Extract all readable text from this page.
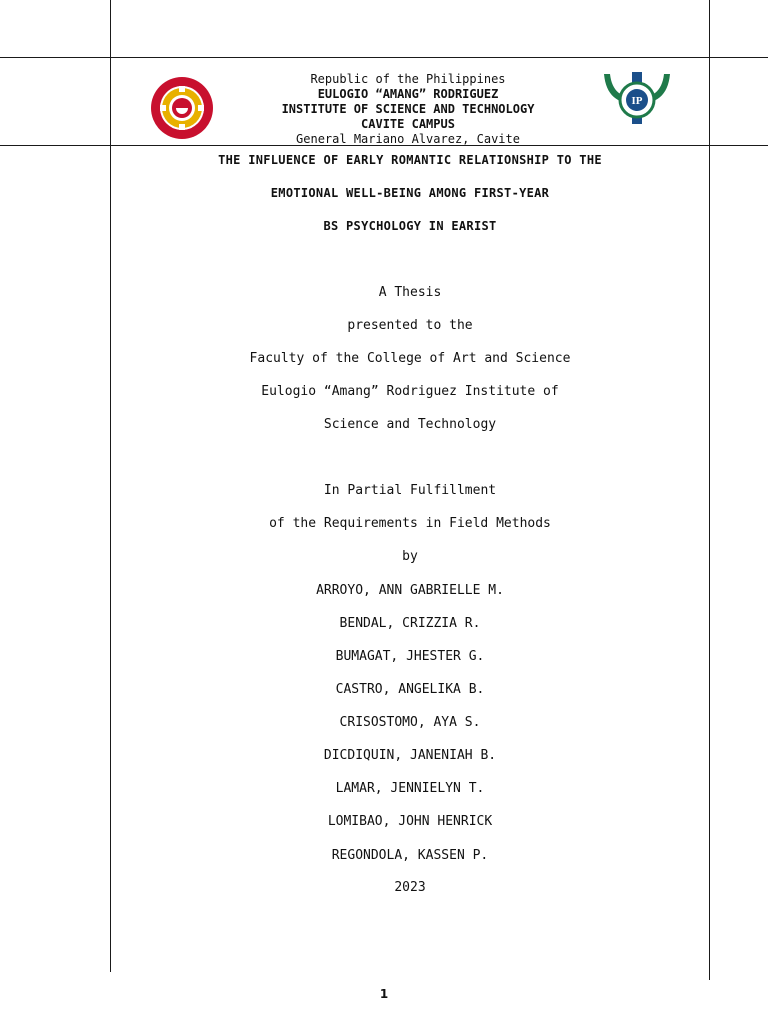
IP
Republic of the Philippines
EULOGIO “AMANG” RODRIGUEZ
INSTITUTE OF SCIENCE AND TECHNOLOGY
CAVITE CAMPUS
General Mariano Alvarez, Cavite
THE INFLUENCE OF EARLY ROMANTIC RELATIONSHIP TO THE
EMOTIONAL WELL-BEING AMONG FIRST-YEAR
BS PSYCHOLOGY IN EARIST
A Thesis
presented to the
Faculty of the College of Art and Science
Eulogio “Amang” Rodriguez Institute of
Science and Technology
In Partial Fulfillment
of the Requirements in Field Methods
by
ARROYO, ANN GABRIELLE M.
BENDAL, CRIZZIA R.
BUMAGAT, JHESTER G.
CASTRO, ANGELIKA B.
CRISOSTOMO, AYA S.
DICDIQUIN, JANENIAH B.
LAMAR, JENNIELYN T.
LOMIBAO, JOHN HENRICK
REGONDOLA, KASSEN P.
2023
1
